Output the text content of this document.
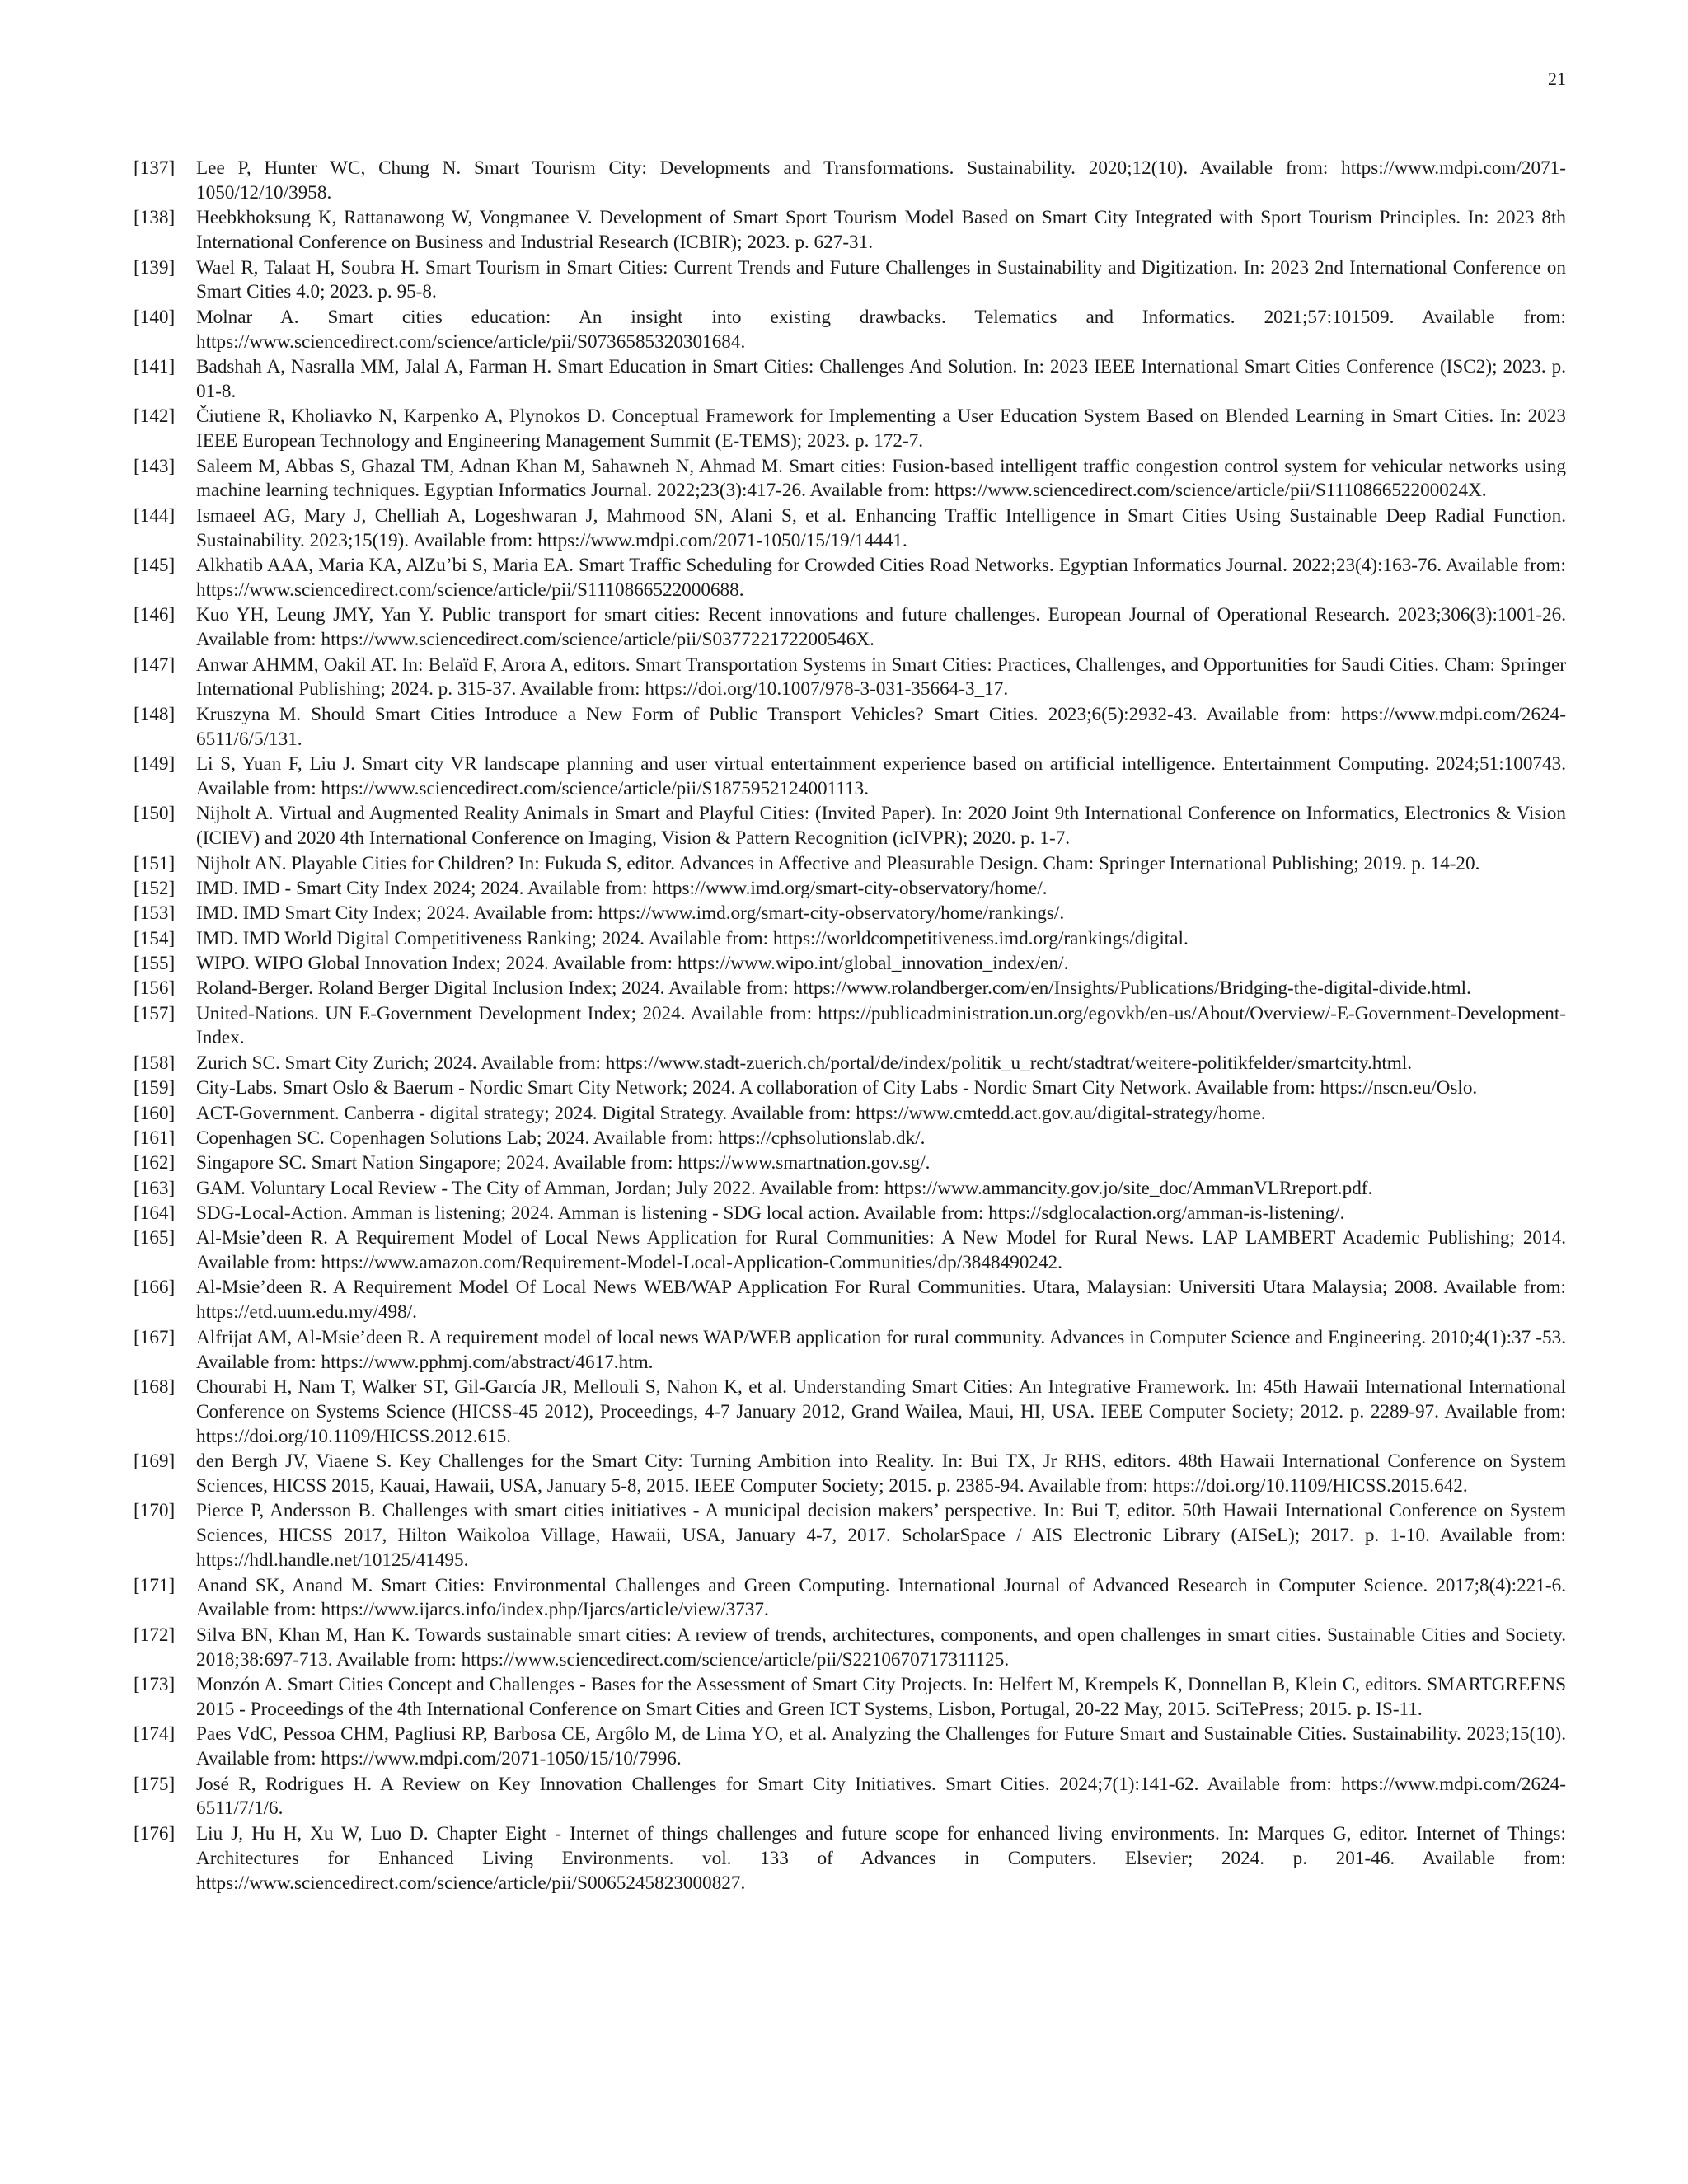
21
[137]	Lee P, Hunter WC, Chung N. Smart Tourism City: Developments and Transformations. Sustainability. 2020;12(10). Available from: https://www.mdpi.com/2071-1050/12/10/3958.
[138]	Heebkhoksung K, Rattanawong W, Vongmanee V. Development of Smart Sport Tourism Model Based on Smart City Integrated with Sport Tourism Principles. In: 2023 8th International Conference on Business and Industrial Research (ICBIR); 2023. p. 627-31.
[139]	Wael R, Talaat H, Soubra H. Smart Tourism in Smart Cities: Current Trends and Future Challenges in Sustainability and Digitization. In: 2023 2nd International Conference on Smart Cities 4.0; 2023. p. 95-8.
[140]	Molnar A. Smart cities education: An insight into existing drawbacks. Telematics and Informatics. 2021;57:101509. Available from: https://www.sciencedirect.com/science/article/pii/S0736585320301684.
[141]	Badshah A, Nasralla MM, Jalal A, Farman H. Smart Education in Smart Cities: Challenges And Solution. In: 2023 IEEE International Smart Cities Conference (ISC2); 2023. p. 01-8.
[142]	Čiutiene R, Kholiavko N, Karpenko A, Plynokos D. Conceptual Framework for Implementing a User Education System Based on Blended Learning in Smart Cities. In: 2023 IEEE European Technology and Engineering Management Summit (E-TEMS); 2023. p. 172-7.
[143]	Saleem M, Abbas S, Ghazal TM, Adnan Khan M, Sahawneh N, Ahmad M. Smart cities: Fusion-based intelligent traffic congestion control system for vehicular networks using machine learning techniques. Egyptian Informatics Journal. 2022;23(3):417-26. Available from: https://www.sciencedirect.com/science/article/pii/S111086652200024X.
[144]	Ismaeel AG, Mary J, Chelliah A, Logeshwaran J, Mahmood SN, Alani S, et al. Enhancing Traffic Intelligence in Smart Cities Using Sustainable Deep Radial Function. Sustainability. 2023;15(19). Available from: https://www.mdpi.com/2071-1050/15/19/14441.
[145]	Alkhatib AAA, Maria KA, AlZu’bi S, Maria EA. Smart Traffic Scheduling for Crowded Cities Road Networks. Egyptian Informatics Journal. 2022;23(4):163-76. Available from: https://www.sciencedirect.com/science/article/pii/S1110866522000688.
[146]	Kuo YH, Leung JMY, Yan Y. Public transport for smart cities: Recent innovations and future challenges. European Journal of Operational Research. 2023;306(3):1001-26. Available from: https://www.sciencedirect.com/science/article/pii/S037722172200546X.
[147]	Anwar AHMM, Oakil AT. In: Belaïd F, Arora A, editors. Smart Transportation Systems in Smart Cities: Practices, Challenges, and Opportunities for Saudi Cities. Cham: Springer International Publishing; 2024. p. 315-37. Available from: https://doi.org/10.1007/978-3-031-35664-3_17.
[148]	Kruszyna M. Should Smart Cities Introduce a New Form of Public Transport Vehicles? Smart Cities. 2023;6(5):2932-43. Available from: https://www.mdpi.com/2624-6511/6/5/131.
[149]	Li S, Yuan F, Liu J. Smart city VR landscape planning and user virtual entertainment experience based on artificial intelligence. Entertainment Computing. 2024;51:100743. Available from: https://www.sciencedirect.com/science/article/pii/S1875952124001113.
[150]	Nijholt A. Virtual and Augmented Reality Animals in Smart and Playful Cities: (Invited Paper). In: 2020 Joint 9th International Conference on Informatics, Electronics & Vision (ICIEV) and 2020 4th International Conference on Imaging, Vision & Pattern Recognition (icIVPR); 2020. p. 1-7.
[151]	Nijholt AN. Playable Cities for Children? In: Fukuda S, editor. Advances in Affective and Pleasurable Design. Cham: Springer International Publishing; 2019. p. 14-20.
[152]	IMD. IMD - Smart City Index 2024; 2024. Available from: https://www.imd.org/smart-city-observatory/home/.
[153]	IMD. IMD Smart City Index; 2024. Available from: https://www.imd.org/smart-city-observatory/home/rankings/.
[154]	IMD. IMD World Digital Competitiveness Ranking; 2024. Available from: https://worldcompetitiveness.imd.org/rankings/digital.
[155]	WIPO. WIPO Global Innovation Index; 2024. Available from: https://www.wipo.int/global_innovation_index/en/.
[156]	Roland-Berger. Roland Berger Digital Inclusion Index; 2024. Available from: https://www.rolandberger.com/en/Insights/Publications/Bridging-the-digital-divide.html.
[157]	United-Nations. UN E-Government Development Index; 2024. Available from: https://publicadministration.un.org/egovkb/en-us/About/Overview/-E-Government-Development-Index.
[158]	Zurich SC. Smart City Zurich; 2024. Available from: https://www.stadt-zuerich.ch/portal/de/index/politik_u_recht/stadtrat/weitere-politikfelder/smartcity.html.
[159]	City-Labs. Smart Oslo & Baerum - Nordic Smart City Network; 2024. A collaboration of City Labs - Nordic Smart City Network. Available from: https://nscn.eu/Oslo.
[160]	ACT-Government. Canberra - digital strategy; 2024. Digital Strategy. Available from: https://www.cmtedd.act.gov.au/digital-strategy/home.
[161]	Copenhagen SC. Copenhagen Solutions Lab; 2024. Available from: https://cphsolutionslab.dk/.
[162]	Singapore SC. Smart Nation Singapore; 2024. Available from: https://www.smartnation.gov.sg/.
[163]	GAM. Voluntary Local Review - The City of Amman, Jordan; July 2022. Available from: https://www.ammancity.gov.jo/site_doc/AmmanVLRreport.pdf.
[164]	SDG-Local-Action. Amman is listening; 2024. Amman is listening - SDG local action. Available from: https://sdglocalaction.org/amman-is-listening/.
[165]	Al-Msie’deen R. A Requirement Model of Local News Application for Rural Communities: A New Model for Rural News. LAP LAMBERT Academic Publishing; 2014. Available from: https://www.amazon.com/Requirement-Model-Local-Application-Communities/dp/3848490242.
[166]	Al-Msie’deen R. A Requirement Model Of Local News WEB/WAP Application For Rural Communities. Utara, Malaysian: Universiti Utara Malaysia; 2008. Available from: https://etd.uum.edu.my/498/.
[167]	Alfrijat AM, Al-Msie’deen R. A requirement model of local news WAP/WEB application for rural community. Advances in Computer Science and Engineering. 2010;4(1):37 -53. Available from: https://www.pphmj.com/abstract/4617.htm.
[168]	Chourabi H, Nam T, Walker ST, Gil-García JR, Mellouli S, Nahon K, et al. Understanding Smart Cities: An Integrative Framework. In: 45th Hawaii International International Conference on Systems Science (HICSS-45 2012), Proceedings, 4-7 January 2012, Grand Wailea, Maui, HI, USA. IEEE Computer Society; 2012. p. 2289-97. Available from: https://doi.org/10.1109/HICSS.2012.615.
[169]	den Bergh JV, Viaene S. Key Challenges for the Smart City: Turning Ambition into Reality. In: Bui TX, Jr RHS, editors. 48th Hawaii International Conference on System Sciences, HICSS 2015, Kauai, Hawaii, USA, January 5-8, 2015. IEEE Computer Society; 2015. p. 2385-94. Available from: https://doi.org/10.1109/HICSS.2015.642.
[170]	Pierce P, Andersson B. Challenges with smart cities initiatives - A municipal decision makers’ perspective. In: Bui T, editor. 50th Hawaii International Conference on System Sciences, HICSS 2017, Hilton Waikoloa Village, Hawaii, USA, January 4-7, 2017. ScholarSpace / AIS Electronic Library (AISeL); 2017. p. 1-10. Available from: https://hdl.handle.net/10125/41495.
[171]	Anand SK, Anand M. Smart Cities: Environmental Challenges and Green Computing. International Journal of Advanced Research in Computer Science. 2017;8(4):221-6. Available from: https://www.ijarcs.info/index.php/Ijarcs/article/view/3737.
[172]	Silva BN, Khan M, Han K. Towards sustainable smart cities: A review of trends, architectures, components, and open challenges in smart cities. Sustainable Cities and Society. 2018;38:697-713. Available from: https://www.sciencedirect.com/science/article/pii/S2210670717311125.
[173]	Monzón A. Smart Cities Concept and Challenges - Bases for the Assessment of Smart City Projects. In: Helfert M, Krempels K, Donnellan B, Klein C, editors. SMARTGREENS 2015 - Proceedings of the 4th International Conference on Smart Cities and Green ICT Systems, Lisbon, Portugal, 20-22 May, 2015. SciTePress; 2015. p. IS-11.
[174]	Paes VdC, Pessoa CHM, Pagliusi RP, Barbosa CE, Argôlo M, de Lima YO, et al. Analyzing the Challenges for Future Smart and Sustainable Cities. Sustainability. 2023;15(10). Available from: https://www.mdpi.com/2071-1050/15/10/7996.
[175]	José R, Rodrigues H. A Review on Key Innovation Challenges for Smart City Initiatives. Smart Cities. 2024;7(1):141-62. Available from: https://www.mdpi.com/2624-6511/7/1/6.
[176]	Liu J, Hu H, Xu W, Luo D. Chapter Eight - Internet of things challenges and future scope for enhanced living environments. In: Marques G, editor. Internet of Things: Architectures for Enhanced Living Environments. vol. 133 of Advances in Computers. Elsevier; 2024. p. 201-46. Available from: https://www.sciencedirect.com/science/article/pii/S0065245823000827.
